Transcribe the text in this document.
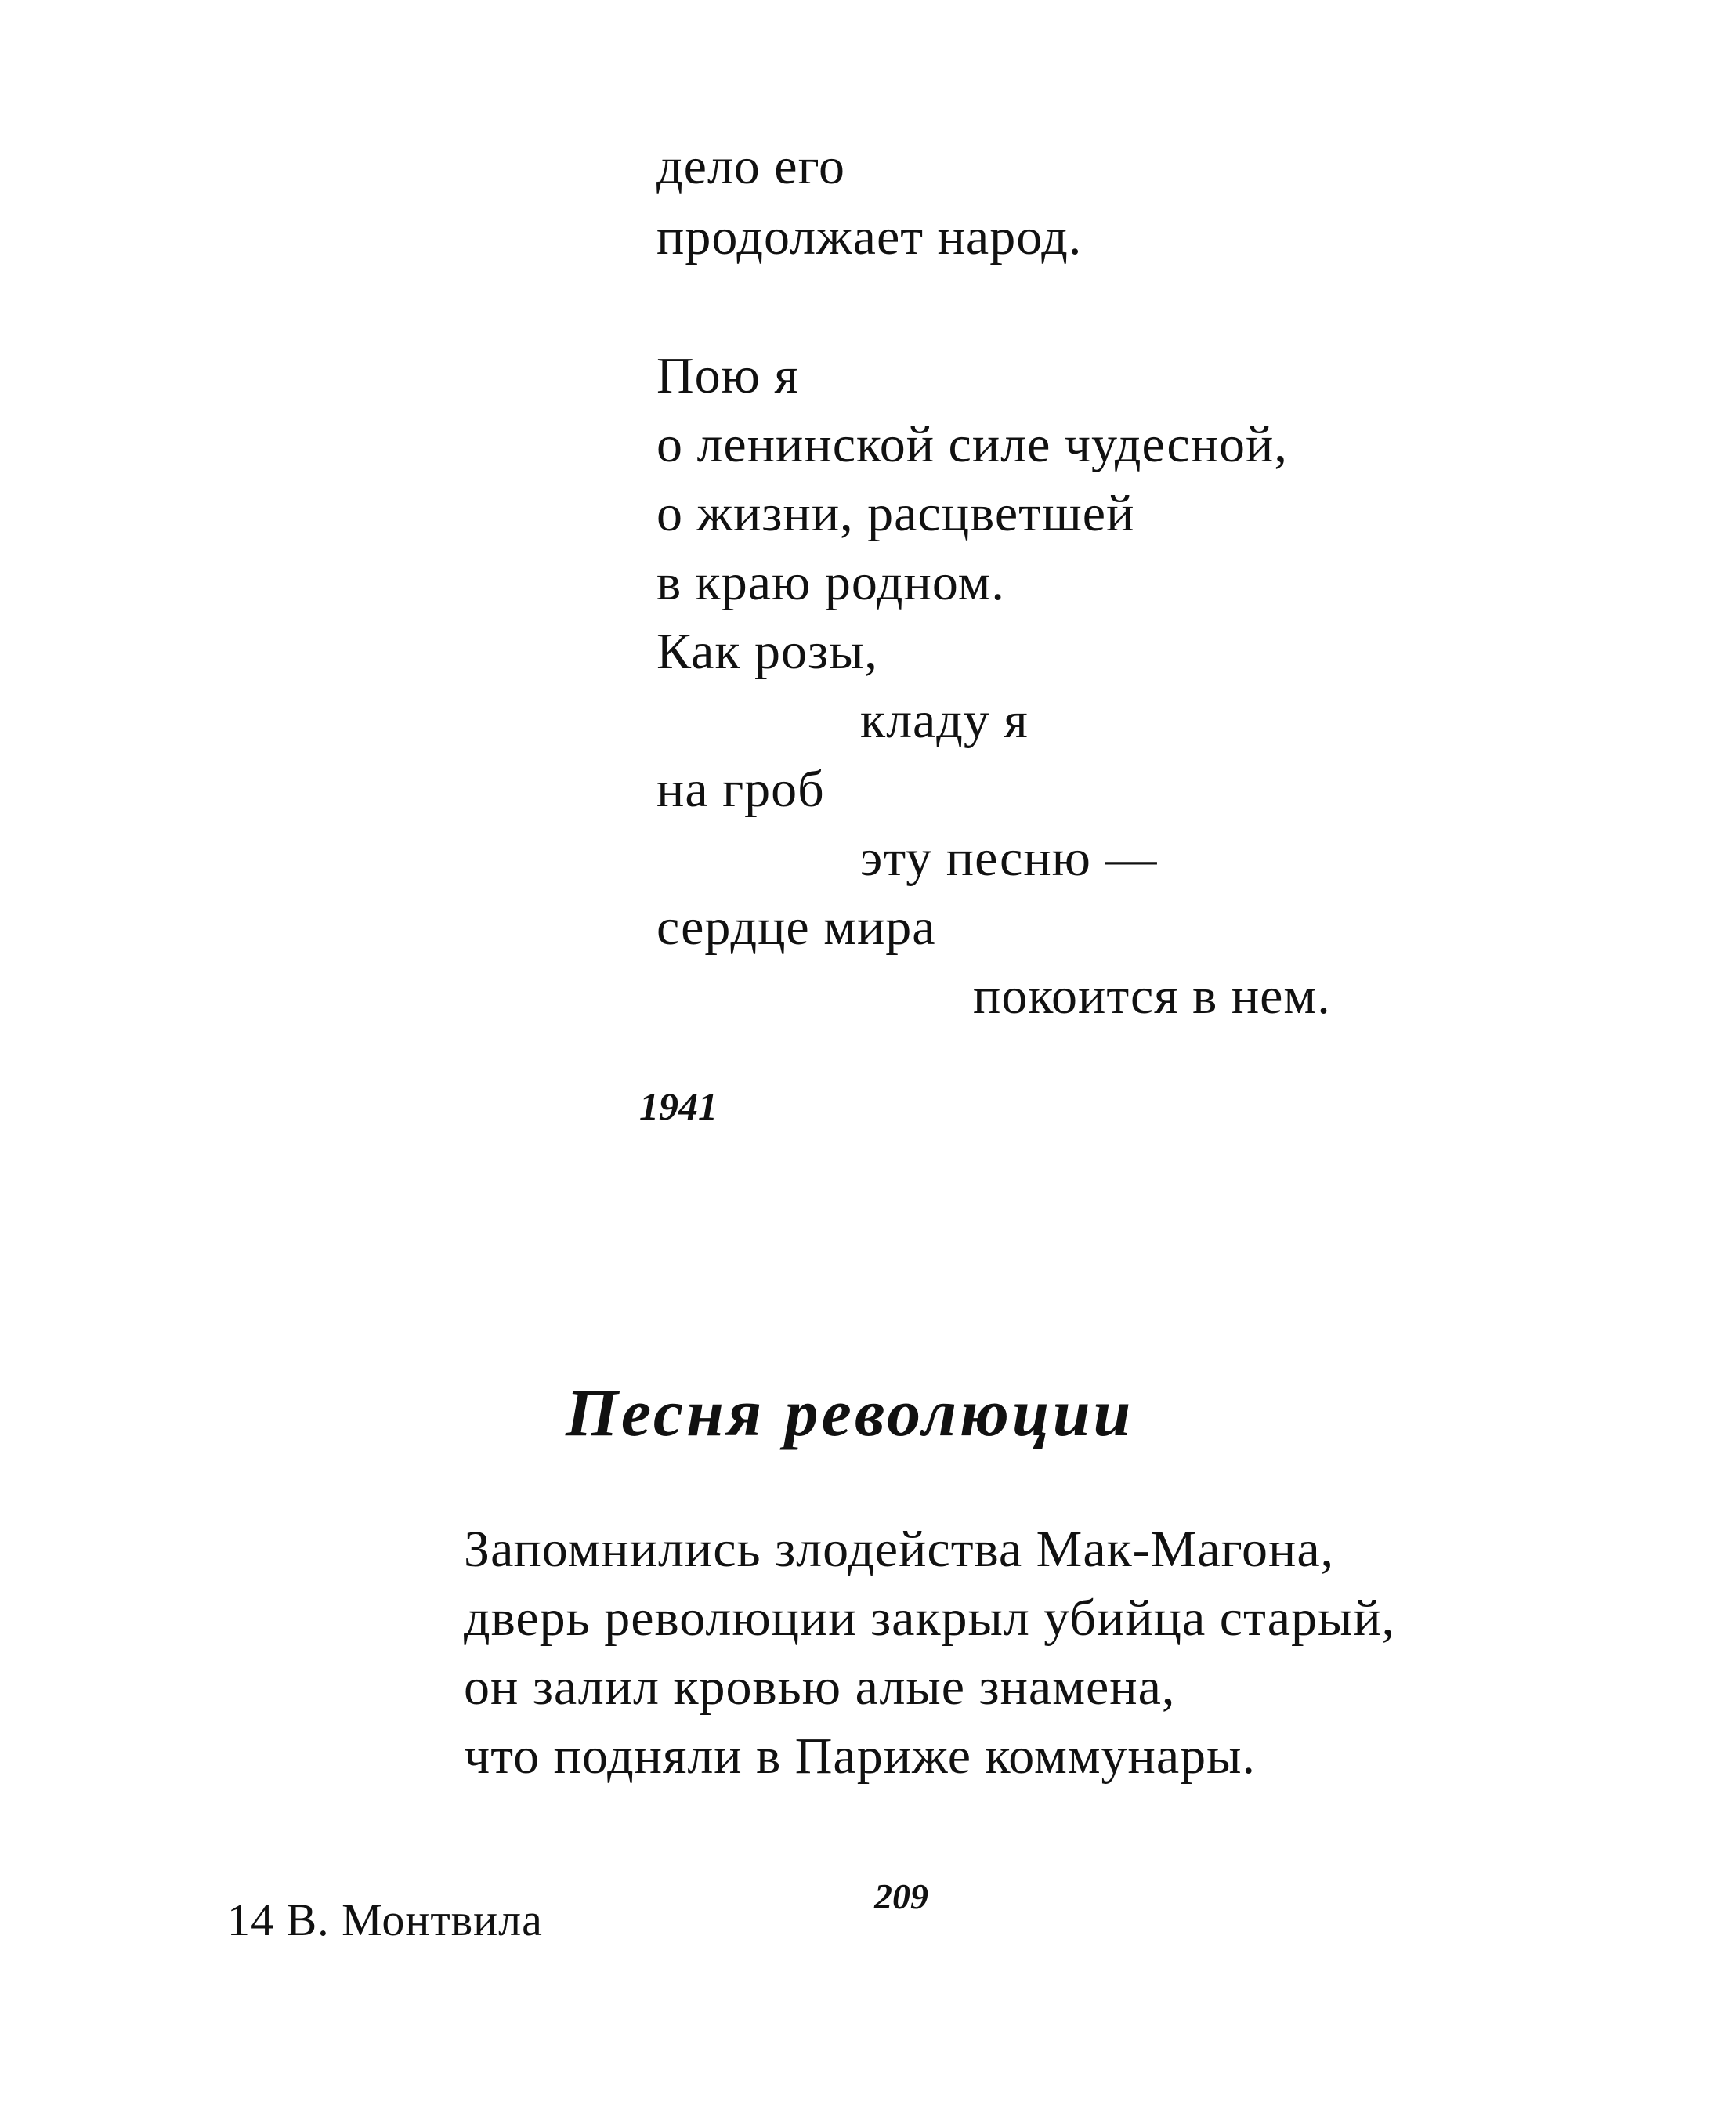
дело его
продолжает народ.
Пою я
о ленинской силе чудесной,
о жизни, расцветшей
в краю родном.
Как розы,
кладу я
на гроб
эту песню —
сердце мира
покоится в нем.
1941
Песня революции
Запомнились злодейства Мак-Магона,
дверь революции закрыл убийца старый,
он залил кровью алые знамена,
что подняли в Париже коммунары.
14 В. Монтвила	209
